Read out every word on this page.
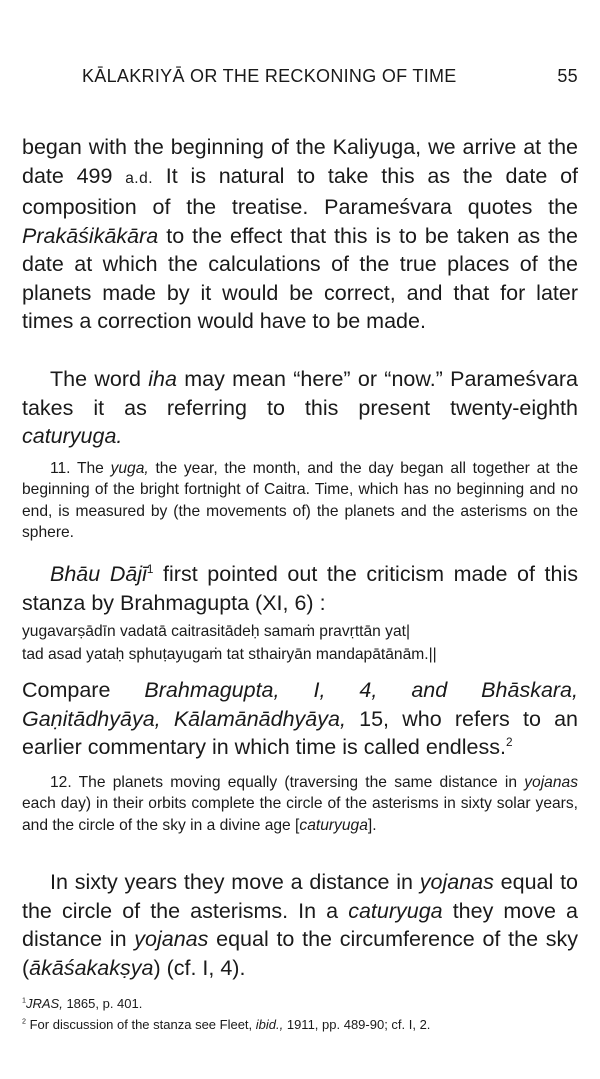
KĀLAKRIYĀ OR THE RECKONING OF TIME	55

began with the beginning of the Kaliyuga, we arrive at the date 499 a.d. It is natural to take this as the date of composition of the treatise. Parameśvara quotes the Prakāśikākāra to the effect that this is to be taken as the date at which the calculations of the true places of the planets made by it would be correct, and that for later times a correction would have to be made.

The word iha may mean “here” or “now.” Parameśvara takes it as referring to this present twenty-eighth caturyuga.

11. The yuga, the year, the month, and the day began all together at the beginning of the bright fortnight of Caitra. Time, which has no beginning and no end, is measured by (the movements of) the planets and the asterisms on the sphere.

Bhāu Dājī$^1$ first pointed out the criticism made of this stanza by Brahmagupta (XI, 6) :

yugavarṣādīn vadatā caitrasitādeḥ samaṁ pravṛttān yat|

tad asad yataḥ sphuṭayugaṁ tat sthairyān mandapātānām.||

Compare Brahmagupta, I, 4, and Bhāskara, Gaṇitādhyāya, Kālamānādhyāya, 15, who refers to an earlier commentary in which time is called endless.$^2$

12. The planets moving equally (traversing the same distance in yojanas each day) in their orbits complete the circle of the asterisms in sixty solar years, and the circle of the sky in a divine age [caturyuga].

In sixty years they move a distance in yojanas equal to the circle of the asterisms. In a caturyuga they move a distance in yojanas equal to the circumference of the sky (ākāśakakṣya) (cf. I, 4).

$^1$JRAS, 1865, p. 401.

$^2$ For discussion of the stanza see Fleet, ibid., 1911, pp. 489-90; cf. I, 2.
